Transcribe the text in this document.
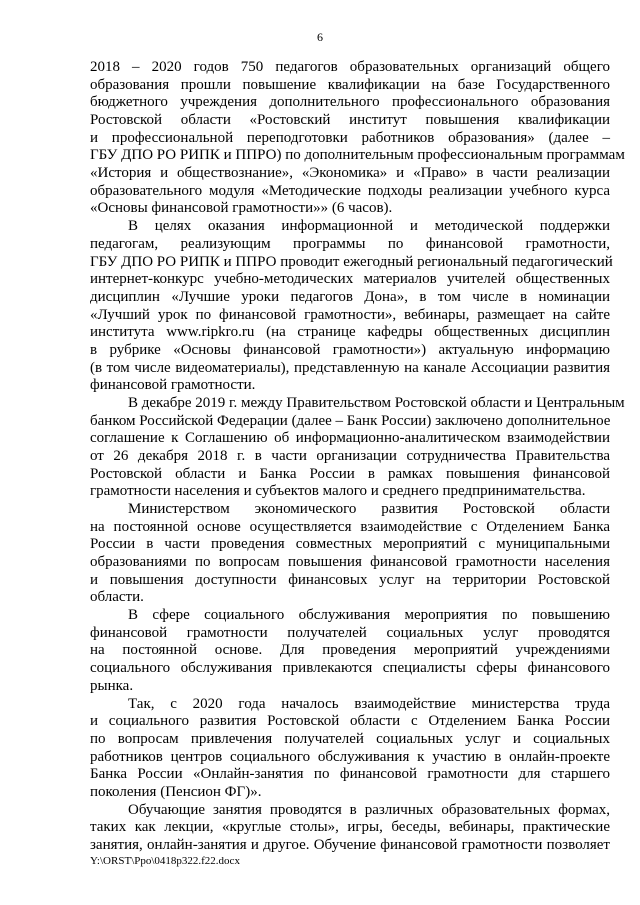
6
2018 – 2020 годов 750 педагогов образовательных организаций общего
образования прошли повышение квалификации на базе Государственного
бюджетного учреждения дополнительного профессионального образования
Ростовской области «Ростовский институт повышения квалификации
и профессиональной переподготовки работников образования» (далее –
ГБУ ДПО РО РИПК и ППРО) по дополнительным профессиональным программам
«История и обществознание», «Экономика» и «Право» в части реализации
образовательного модуля «Методические подходы реализации учебного курса
«Основы финансовой грамотности»» (6 часов).
В целях оказания информационной и методической поддержки
педагогам, реализующим программы по финансовой грамотности,
ГБУ ДПО РО РИПК и ППРО проводит ежегодный региональный педагогический
интернет-конкурс учебно-методических материалов учителей общественных
дисциплин «Лучшие уроки педагогов Дона», в том числе в номинации
«Лучший урок по финансовой грамотности», вебинары, размещает на сайте
института www.ripkro.ru (на странице кафедры общественных дисциплин
в рубрике «Основы финансовой грамотности») актуальную информацию
(в том числе видеоматериалы), представленную на канале Ассоциации развития
финансовой грамотности.
В декабре 2019 г. между Правительством Ростовской области и Центральным
банком Российской Федерации (далее – Банк России) заключено дополнительное
соглашение к Соглашению об информационно-аналитическом взаимодействии
от 26 декабря 2018 г. в части организации сотрудничества Правительства
Ростовской области и Банка России в рамках повышения финансовой
грамотности населения и субъектов малого и среднего предпринимательства.
Министерством экономического развития Ростовской области
на постоянной основе осуществляется взаимодействие с Отделением Банка
России в части проведения совместных мероприятий с муниципальными
образованиями по вопросам повышения финансовой грамотности населения
и повышения доступности финансовых услуг на территории Ростовской
области.
В сфере социального обслуживания мероприятия по повышению
финансовой грамотности получателей социальных услуг проводятся
на постоянной основе. Для проведения мероприятий учреждениями
социального обслуживания привлекаются специалисты сферы финансового
рынка.
Так, с 2020 года началось взаимодействие министерства труда
и социального развития Ростовской области с Отделением Банка России
по вопросам привлечения получателей социальных услуг и социальных
работников центров социального обслуживания к участию в онлайн-проекте
Банка России «Онлайн-занятия по финансовой грамотности для старшего
поколения (Пенсион ФГ)».
Обучающие занятия проводятся в различных образовательных формах,
таких как лекции, «круглые столы», игры, беседы, вебинары, практические
занятия, онлайн-занятия и другое. Обучение финансовой грамотности позволяет
Y:\ORST\Ppo\0418p322.f22.docx
